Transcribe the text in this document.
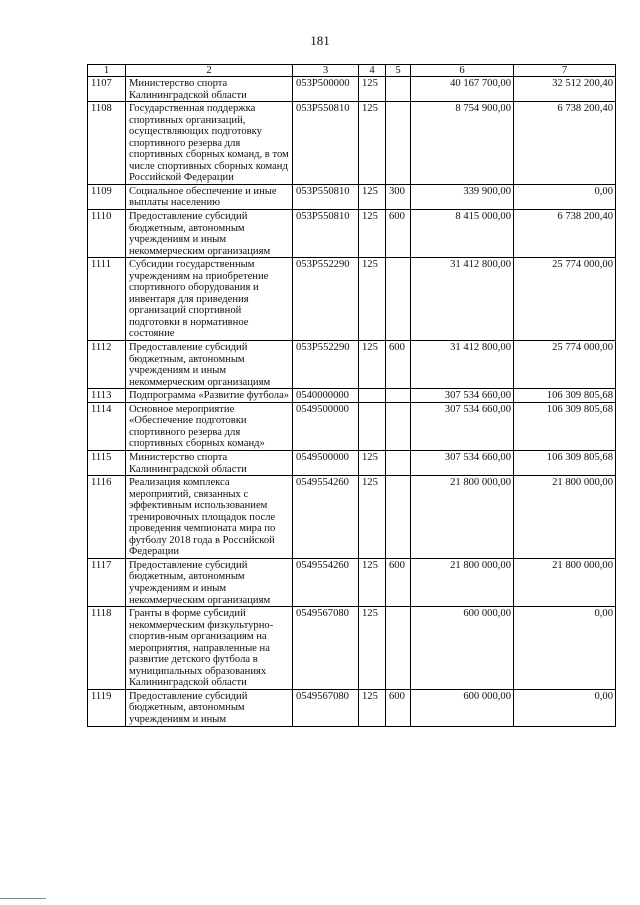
181
1	2	3	4	5	6	7
1107	Министерство спорта Калининградской области	053P500000	125		40 167 700,00	32 512 200,40
1108	Государственная поддержка спортивных организаций, осуществляющих подготовку спортивного резерва для спортивных сборных команд, в том числе спортивных сборных команд Российской Федерации	053P550810	125		8 754 900,00	6 738 200,40
1109	Социальное обеспечение и иные выплаты населению	053P550810	125	300	339 900,00	0,00
1110	Предоставление субсидий бюджетным, автономным учреждениям и иным некоммерческим организациям	053P550810	125	600	8 415 000,00	6 738 200,40
1111	Субсидии государственным учреждениям на приобретение спортивного оборудования и инвентаря для приведения организаций спортивной подготовки в нормативное состояние	053P552290	125		31 412 800,00	25 774 000,00
1112	Предоставление субсидий бюджетным, автономным учреждениям и иным некоммерческим организациям	053P552290	125	600	31 412 800,00	25 774 000,00
1113	Подпрограмма «Развитие футбола»	0540000000			307 534 660,00	106 309 805,68
1114	Основное мероприятие «Обеспечение подготовки спортивного резерва для спортивных сборных команд»	0549500000			307 534 660,00	106 309 805,68
1115	Министерство спорта Калининградской области	0549500000	125		307 534 660,00	106 309 805,68
1116	Реализация комплекса мероприятий, связанных с эффективным использованием тренировочных площадок после проведения чемпионата мира по футболу 2018 года в Российской Федерации	0549554260	125		21 800 000,00	21 800 000,00
1117	Предоставление субсидий бюджетным, автономным учреждениям и иным некоммерческим организациям	0549554260	125	600	21 800 000,00	21 800 000,00
1118	Гранты в форме субсидий некоммерческим физкультурно-спортив-ным организациям на мероприятия, направленные на развитие детского футбола в муниципальных образованиях Калининградской области	0549567080	125		600 000,00	0,00
1119	Предоставление субсидий бюджетным, автономным учреждениям и иным	0549567080	125	600	600 000,00	0,00
